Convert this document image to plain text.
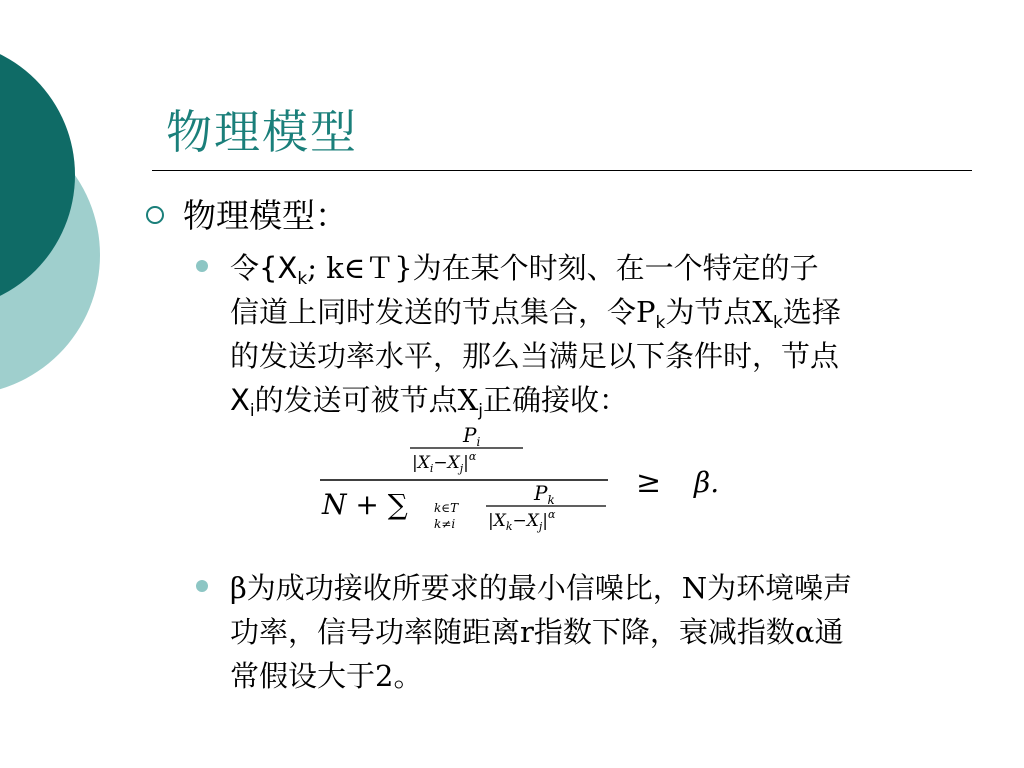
物理模型
物理模型：
令{$X_k$; k∈Ｔ}为在某个时刻、在一个特定的子
信道上同时发送的节点集合，令$P_k$为节点$X_k$选择
的发送功率水平，那么当满足以下条件时，节点
$X_i$的发送可被节点$X_j$正确接收：
$P_i$
$|X_i-X_j|^\alpha$
N + ∑ k∈T
k≠i
$P_k$
$|X_k-X_j|^\alpha$
≥ β.
β为成功接收所要求的最小信噪比，N为环境噪声
功率，信号功率随距离r指数下降，衰减指数α通
常假设大于2。
